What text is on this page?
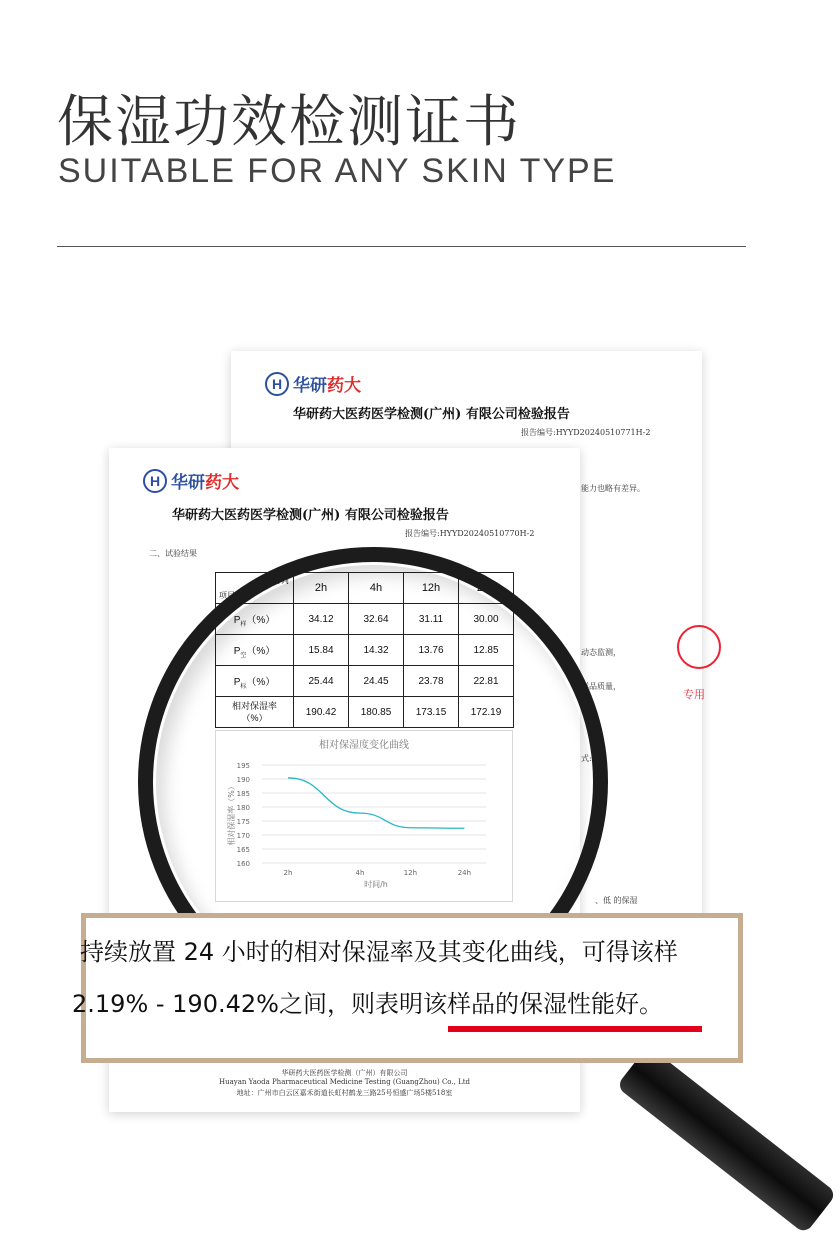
保湿功效检测证书
SUITABLE FOR ANY SKIN TYPE
H 华研药大
华研药大医药医学检测(广州) 有限公司检验报告
报告编号:HYYD20240510771H-2
能力也略有差异。
动态监测，
样品质量，
式:
率。
、低 的保湿
专用
H 华研药大
华研药大医药医学检测(广州) 有限公司检验报告
报告编号:HYYD20240510770H-2
二、试验结果
时间
项目	2h	4h	12h	24h
$P_样(\%)$	34.12	32.64	31.11	30.00
$P_空(\%)$	15.84	14.32	13.76	12.85
$P_标(\%)$	25.44	24.45	23.78	22.81
相对保湿率
（%）	190.42	180.85	173.15	172.19
相对保湿度变化曲线
195
190
185
180
175
170
165
160
2h	4h	12h	24h
时间/h
相对保湿率（%）
华研药大医药医学检测（广州）有限公司
Huayan Yaoda Pharmaceutical Medicine Testing (GuangZhou) Co., Ltd
地址：广州市白云区嘉禾街道长虹村鹤龙三路25号恒盛广场5楼518室
持续放置 24 小时的相对保湿率及其变化曲线，可得该样
2.19% - 190.42%之间，则表明该样品的保湿性能好。
